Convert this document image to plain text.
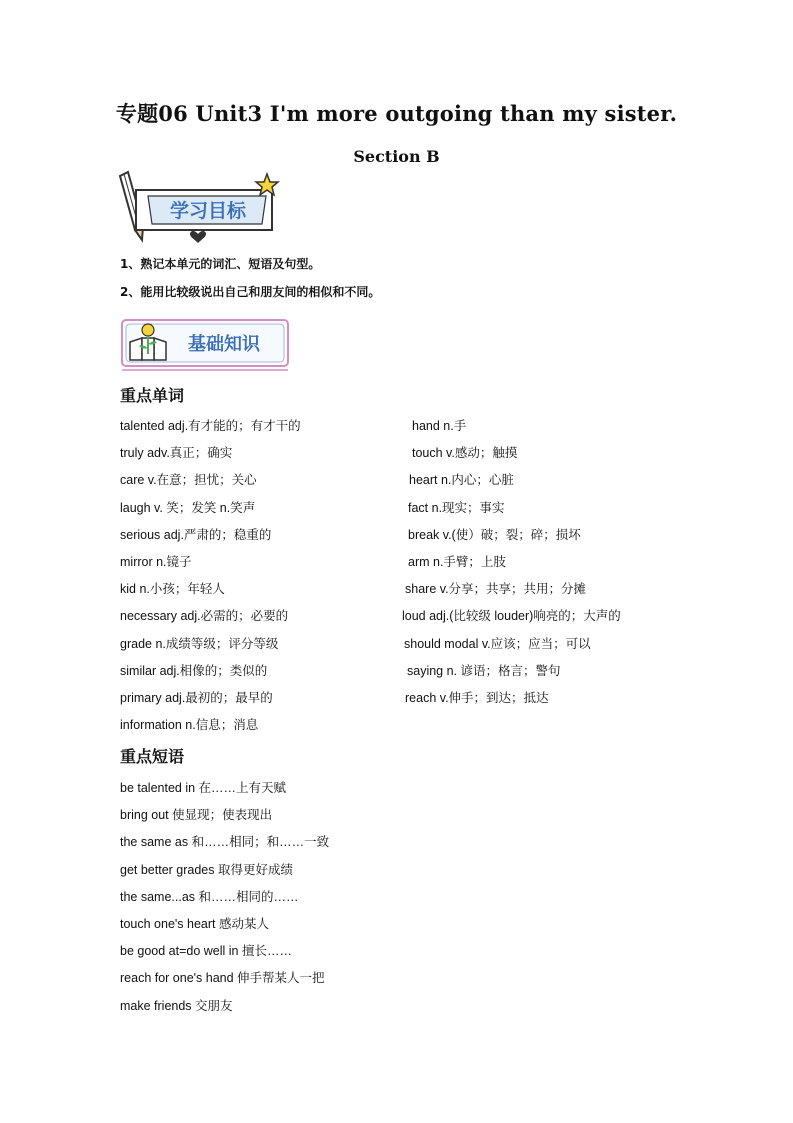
专题06 Unit3 I'm more outgoing than my sister.
Section B
学习目标
1、熟记本单元的词汇、短语及句型。
2、能用比较级说出自己和朋友间的相似和不同。
基础知识
重点单词
talented adj.有才能的；有才干的	hand n.手
truly adv.真正；确实	touch v.感动；触摸
care v.在意；担忧；关心	heart n.内心；心脏
laugh v. 笑；发笑 n.笑声	fact n.现实；事实
serious adj.严肃的；稳重的	break v.(使）破；裂；碎；损坏
mirror n.镜子	arm n.手臂；上肢
kid n.小孩；年轻人	share v.分享；共享；共用；分摊
necessary adj.必需的；必要的	loud adj.(比较级 louder)响亮的；大声的
grade n.成绩等级；评分等级	should modal v.应该；应当；可以
similar adj.相像的；类似的	saying n. 谚语；格言；警句
primary adj.最初的；最早的	reach v.伸手；到达；抵达
information n.信息；消息
重点短语
be talented in 在……上有天赋
bring out 使显现；使表现出
the same as 和……相同；和……一致
get better grades 取得更好成绩
the same...as 和……相同的……
touch one's heart 感动某人
be good at=do well in 擅长……
reach for one's hand 伸手帮某人一把
make friends 交朋友
